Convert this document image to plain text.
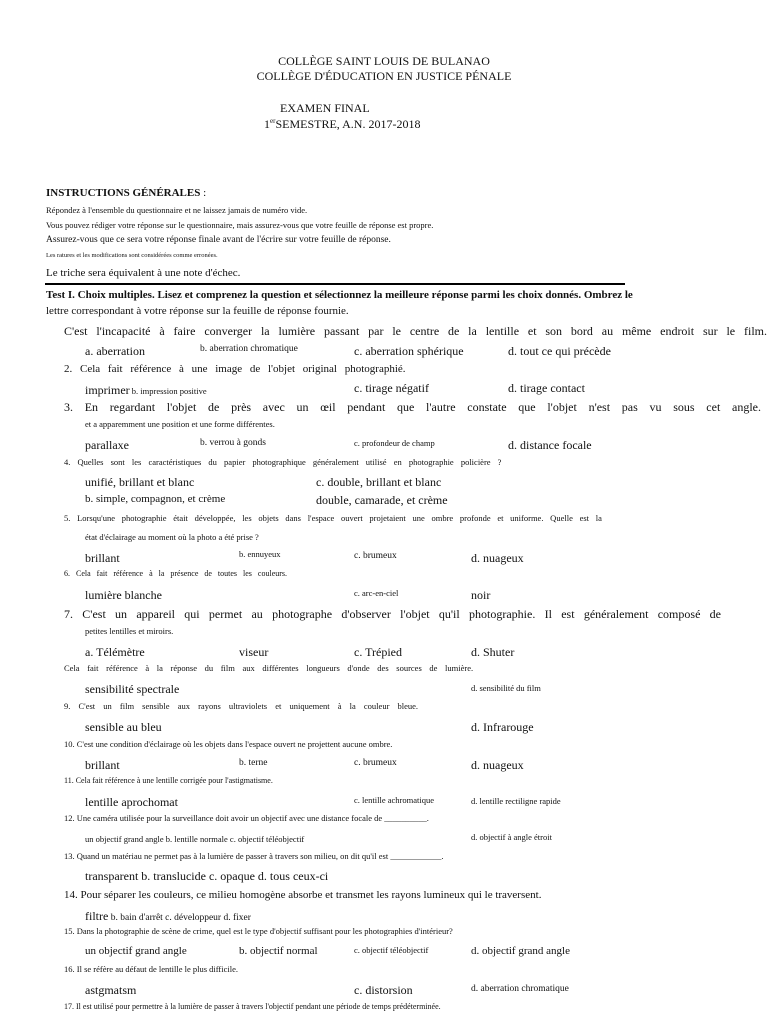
COLLÈGE SAINT LOUIS DE BULANAO
COLLÈGE D'ÉDUCATION EN JUSTICE PÉNALE
EXAMEN FINAL
1erSEMESTRE, A.N. 2017-2018
INSTRUCTIONS GÉNÉRALES :
Répondez à l'ensemble du questionnaire et ne laissez jamais de numéro vide.
Vous pouvez rédiger votre réponse sur le questionnaire, mais assurez-vous que votre feuille de réponse est propre.
Assurez-vous que ce sera votre réponse finale avant de l'écrire sur votre feuille de réponse.
Les ratures et les modifications sont considérées comme erronées.
Le triche sera équivalent à une note d'échec.
Test I. Choix multiples. Lisez et comprenez la question et sélectionnez la meilleure réponse parmi les choix donnés. Ombrez le
lettre correspondant à votre réponse sur la feuille de réponse fournie.
C'est l'incapacité à faire converger la lumière passant par le centre de la lentille et son bord au même endroit sur le film.
a. aberration	b. aberration chromatique	c. aberration sphérique	d. tout ce qui précède
2. Cela fait référence à une image de l'objet original photographié.
imprimer b. impression positive	c. tirage négatif	d. tirage contact
3. En regardant l'objet de près avec un œil pendant que l'autre constate que l'objet n'est pas vu sous cet angle.
et a apparemment une position et une forme différentes.
parallaxe	b. verrou à gonds	c. profondeur de champ	d. distance focale
4. Quelles sont les caractéristiques du papier photographique généralement utilisé en photographie policière ?
unifié, brillant et blanc	c. double, brillant et blanc
b. simple, compagnon, et crème	double, camarade, et crème
5. Lorsqu'une photographie était développée, les objets dans l'espace ouvert projetaient une ombre profonde et uniforme. Quelle est la
état d'éclairage au moment où la photo a été prise ?
brillant	b. ennuyeux	c. brumeux	d. nuageux
6. Cela fait référence à la présence de toutes les couleurs.
lumière blanche	c. arc-en-ciel	noir
7. C'est un appareil qui permet au photographe d'observer l'objet qu'il photographie. Il est généralement composé de
petites lentilles et miroirs.
a. Télémètre	viseur	c. Trépied	d. Shuter
Cela fait référence à la réponse du film aux différentes longueurs d'onde des sources de lumière.
sensibilité spectrale	d. sensibilité du film
9. C'est un film sensible aux rayons ultraviolets et uniquement à la couleur bleue.
sensible au bleu	d. Infrarouge
10. C'est une condition d'éclairage où les objets dans l'espace ouvert ne projettent aucune ombre.
brillant	b. terne	c. brumeux	d. nuageux
11. Cela fait référence à une lentille corrigée pour l'astigmatisme.
lentille aprochomat	c. lentille achromatique	d. lentille rectiligne rapide
12. Une caméra utilisée pour la surveillance doit avoir un objectif avec une distance focale de __________.
un objectif grand angle b. lentille normale c. objectif téléobjectif	d. objectif à angle étroit
13. Quand un matériau ne permet pas à la lumière de passer à travers son milieu, on dit qu'il est ____________.
transparent b. translucide c. opaque d. tous ceux-ci
14. Pour séparer les couleurs, ce milieu homogène absorbe et transmet les rayons lumineux qui le traversent.
filtre b. bain d'arrêt c. développeur d. fixer
15. Dans la photographie de scène de crime, quel est le type d'objectif suffisant pour les photographies d'intérieur?
un objectif grand angle	b. objectif normal	c. objectif téléobjectif	d. objectif grand angle
16. Il se réfère au défaut de lentille le plus difficile.
astgmatsm	c. distorsion	d. aberration chromatique
17. Il est utilisé pour permettre à la lumière de passer à travers l'objectif pendant une période de temps prédéterminée.
